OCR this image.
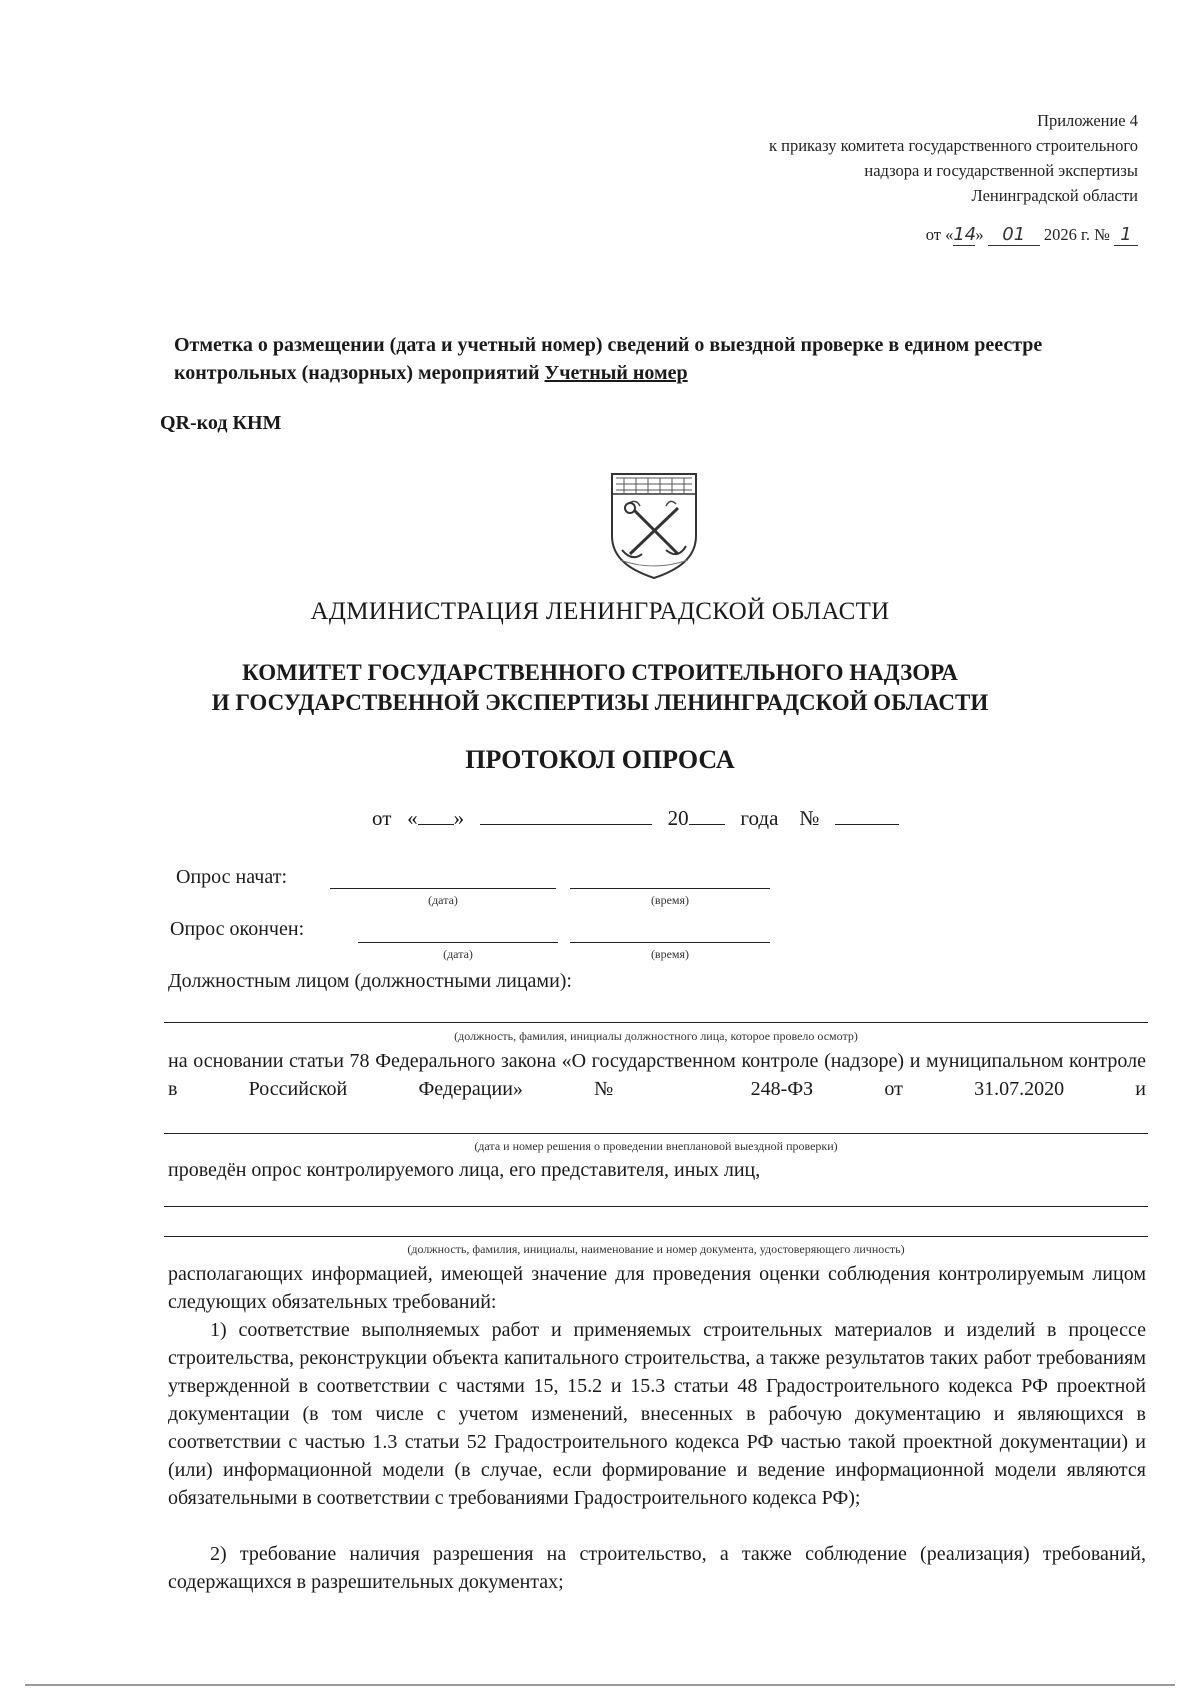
Приложение 4
к приказу комитета государственного строительного
надзора и государственной экспертизы
Ленинградской области
от «14» 01 2026 г. № 1
Отметка о размещении (дата и учетный номер) сведений о выездной проверке в едином реестре контрольных (надзорных) мероприятий Учетный номер
QR-код КНМ
АДМИНИСТРАЦИЯ ЛЕНИНГРАДСКОЙ ОБЛАСТИ
КОМИТЕТ ГОСУДАРСТВЕННОГО СТРОИТЕЛЬНОГО НАДЗОРА
И ГОСУДАРСТВЕННОЙ ЭКСПЕРТИЗЫ ЛЕНИНГРАДСКОЙ ОБЛАСТИ
ПРОТОКОЛ ОПРОСА
от « »	20 года №
Опрос начат:
(дата)	(время)
Опрос окончен:
(дата)	(время)
Должностным лицом (должностными лицами):
(должность, фамилия, инициалы должностного лица, которое провело осмотр)
на основании статьи 78 Федерального закона «О государственном контроле (надзоре) и муниципальном контроле в Российской Федерации» № 248-ФЗ от 31.07.2020 и
(дата и номер решения о проведении внеплановой выездной проверки)
проведён опрос контролируемого лица, его представителя, иных лиц,
(должность, фамилия, инициалы, наименование и номер документа, удостоверяющего личность)
располагающих информацией, имеющей значение для проведения оценки соблюдения контролируемым лицом следующих обязательных требований:
1) соответствие выполняемых работ и применяемых строительных материалов и изделий в процессе строительства, реконструкции объекта капитального строительства, а также результатов таких работ требованиям утвержденной в соответствии с частями 15, 15.2 и 15.3 статьи 48 Градостроительного кодекса РФ проектной документации (в том числе с учетом изменений, внесенных в рабочую документацию и являющихся в соответствии с частью 1.3 статьи 52 Градостроительного кодекса РФ частью такой проектной документации) и (или) информационной модели (в случае, если формирование и ведение информационной модели являются обязательными в соответствии с требованиями Градостроительного кодекса РФ);
2) требование наличия разрешения на строительство, а также соблюдение (реализация) требований, содержащихся в разрешительных документах;
